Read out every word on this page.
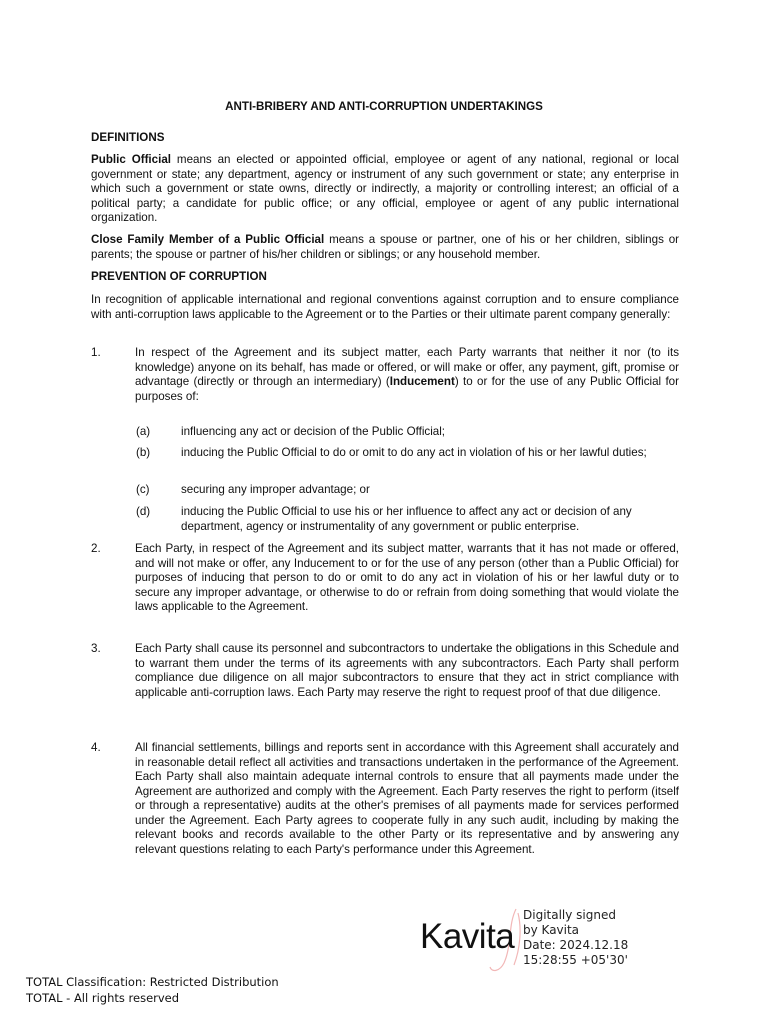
ANTI-BRIBERY AND ANTI-CORRUPTION UNDERTAKINGS
DEFINITIONS
Public Official means an elected or appointed official, employee or agent of any national, regional or local government or state; any department, agency or instrument of any such government or state; any enterprise in which such a government or state owns, directly or indirectly, a majority or controlling interest; an official of a political party; a candidate for public office; or any official, employee or agent of any public international organization.
Close Family Member of a Public Official means a spouse or partner, one of his or her children, siblings or parents; the spouse or partner of his/her children or siblings; or any household member.
PREVENTION OF CORRUPTION
In recognition of applicable international and regional conventions against corruption and to ensure compliance with anti-corruption laws applicable to the Agreement or to the Parties or their ultimate parent company generally:
1.	In respect of the Agreement and its subject matter, each Party warrants that neither it nor (to its knowledge) anyone on its behalf, has made or offered, or will make or offer, any payment, gift, promise or advantage (directly or through an intermediary) (Inducement) to or for the use of any Public Official for purposes of:
(a)	influencing any act or decision of the Public Official;
(b)	inducing the Public Official to do or omit to do any act in violation of his or her lawful duties;
(c)	securing any improper advantage; or
(d)	inducing the Public Official to use his or her influence to affect any act or decision of any department, agency or instrumentality of any government or public enterprise.
2.	Each Party, in respect of the Agreement and its subject matter, warrants that it has not made or offered, and will not make or offer, any Inducement to or for the use of any person (other than a Public Official) for purposes of inducing that person to do or omit to do any act in violation of his or her lawful duty or to secure any improper advantage, or otherwise to do or refrain from doing something that would violate the laws applicable to the Agreement.
3.	Each Party shall cause its personnel and subcontractors to undertake the obligations in this Schedule and to warrant them under the terms of its agreements with any subcontractors. Each Party shall perform compliance due diligence on all major subcontractors to ensure that they act in strict compliance with applicable anti-corruption laws. Each Party may reserve the right to request proof of that due diligence.
4.	All financial settlements, billings and reports sent in accordance with this Agreement shall accurately and in reasonable detail reflect all activities and transactions undertaken in the performance of the Agreement. Each Party shall also maintain adequate internal controls to ensure that all payments made under the Agreement are authorized and comply with the Agreement. Each Party reserves the right to perform (itself or through a representative) audits at the other's premises of all payments made for services performed under the Agreement. Each Party agrees to cooperate fully in any such audit, including by making the relevant books and records available to the other Party or its representative and by answering any relevant questions relating to each Party's performance under this Agreement.
Kavita
Digitally signed
by Kavita
Date: 2024.12.18
15:28:55 +05'30'
TOTAL Classification: Restricted Distribution
TOTAL - All rights reserved
